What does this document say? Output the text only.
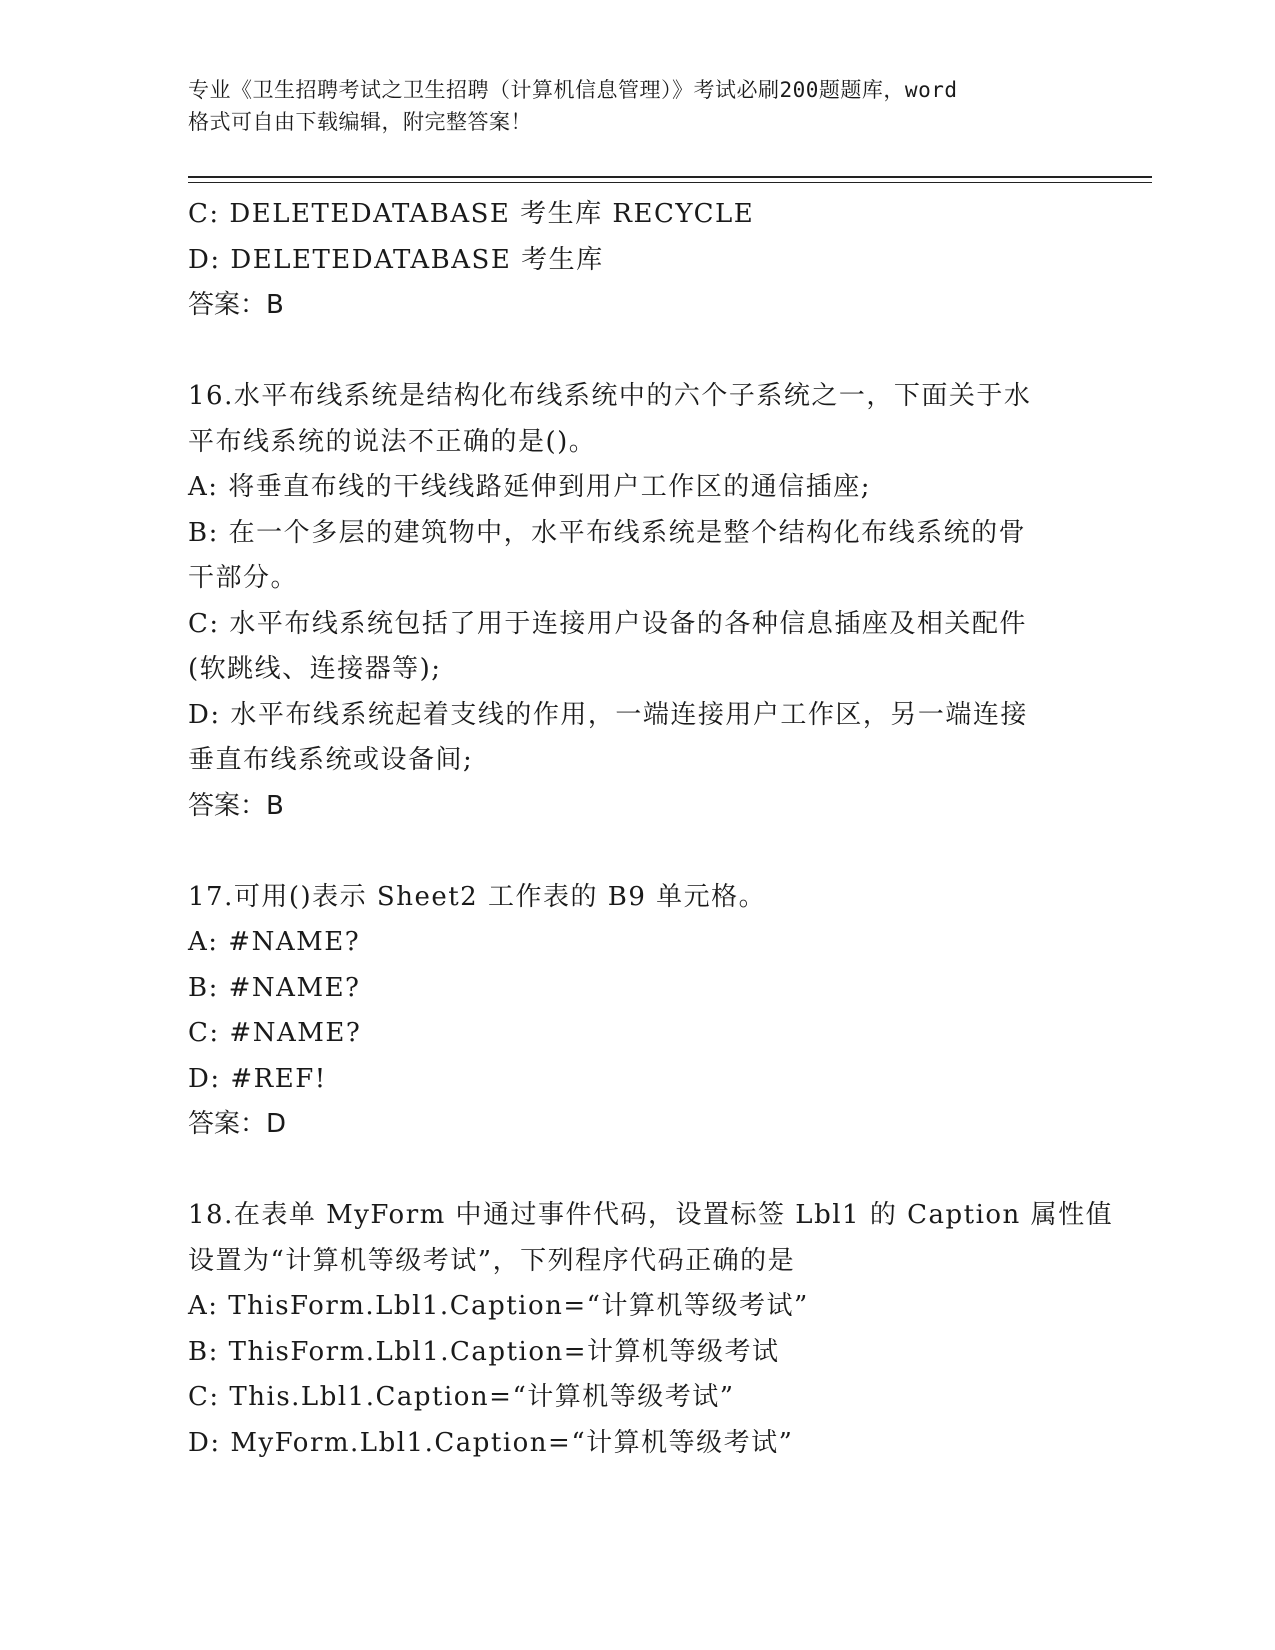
专业《卫生招聘考试之卫生招聘（计算机信息管理）》考试必刷200题题库，word
格式可自由下载编辑，附完整答案！
C: DELETEDATABASE 考生库 RECYCLE
D: DELETEDATABASE 考生库
答案：B
16.水平布线系统是结构化布线系统中的六个子系统之一，下面关于水
平布线系统的说法不正确的是()。
A: 将垂直布线的干线线路延伸到用户工作区的通信插座;
B: 在一个多层的建筑物中，水平布线系统是整个结构化布线系统的骨
干部分。
C: 水平布线系统包括了用于连接用户设备的各种信息插座及相关配件
(软跳线、连接器等);
D: 水平布线系统起着支线的作用，一端连接用户工作区，另一端连接
垂直布线系统或设备间;
答案：B
17.可用()表示 Sheet2 工作表的 B9 单元格。
A: #NAME?
B: #NAME?
C: #NAME?
D: #REF!
答案：D
18.在表单 MyForm 中通过事件代码，设置标签 Lbl1 的 Caption 属性值
设置为“计算机等级考试”，下列程序代码正确的是
A: ThisForm.Lbl1.Caption=“计算机等级考试”
B: ThisForm.Lbl1.Caption=计算机等级考试
C: This.Lbl1.Caption=“计算机等级考试”
D: MyForm.Lbl1.Caption=“计算机等级考试”
